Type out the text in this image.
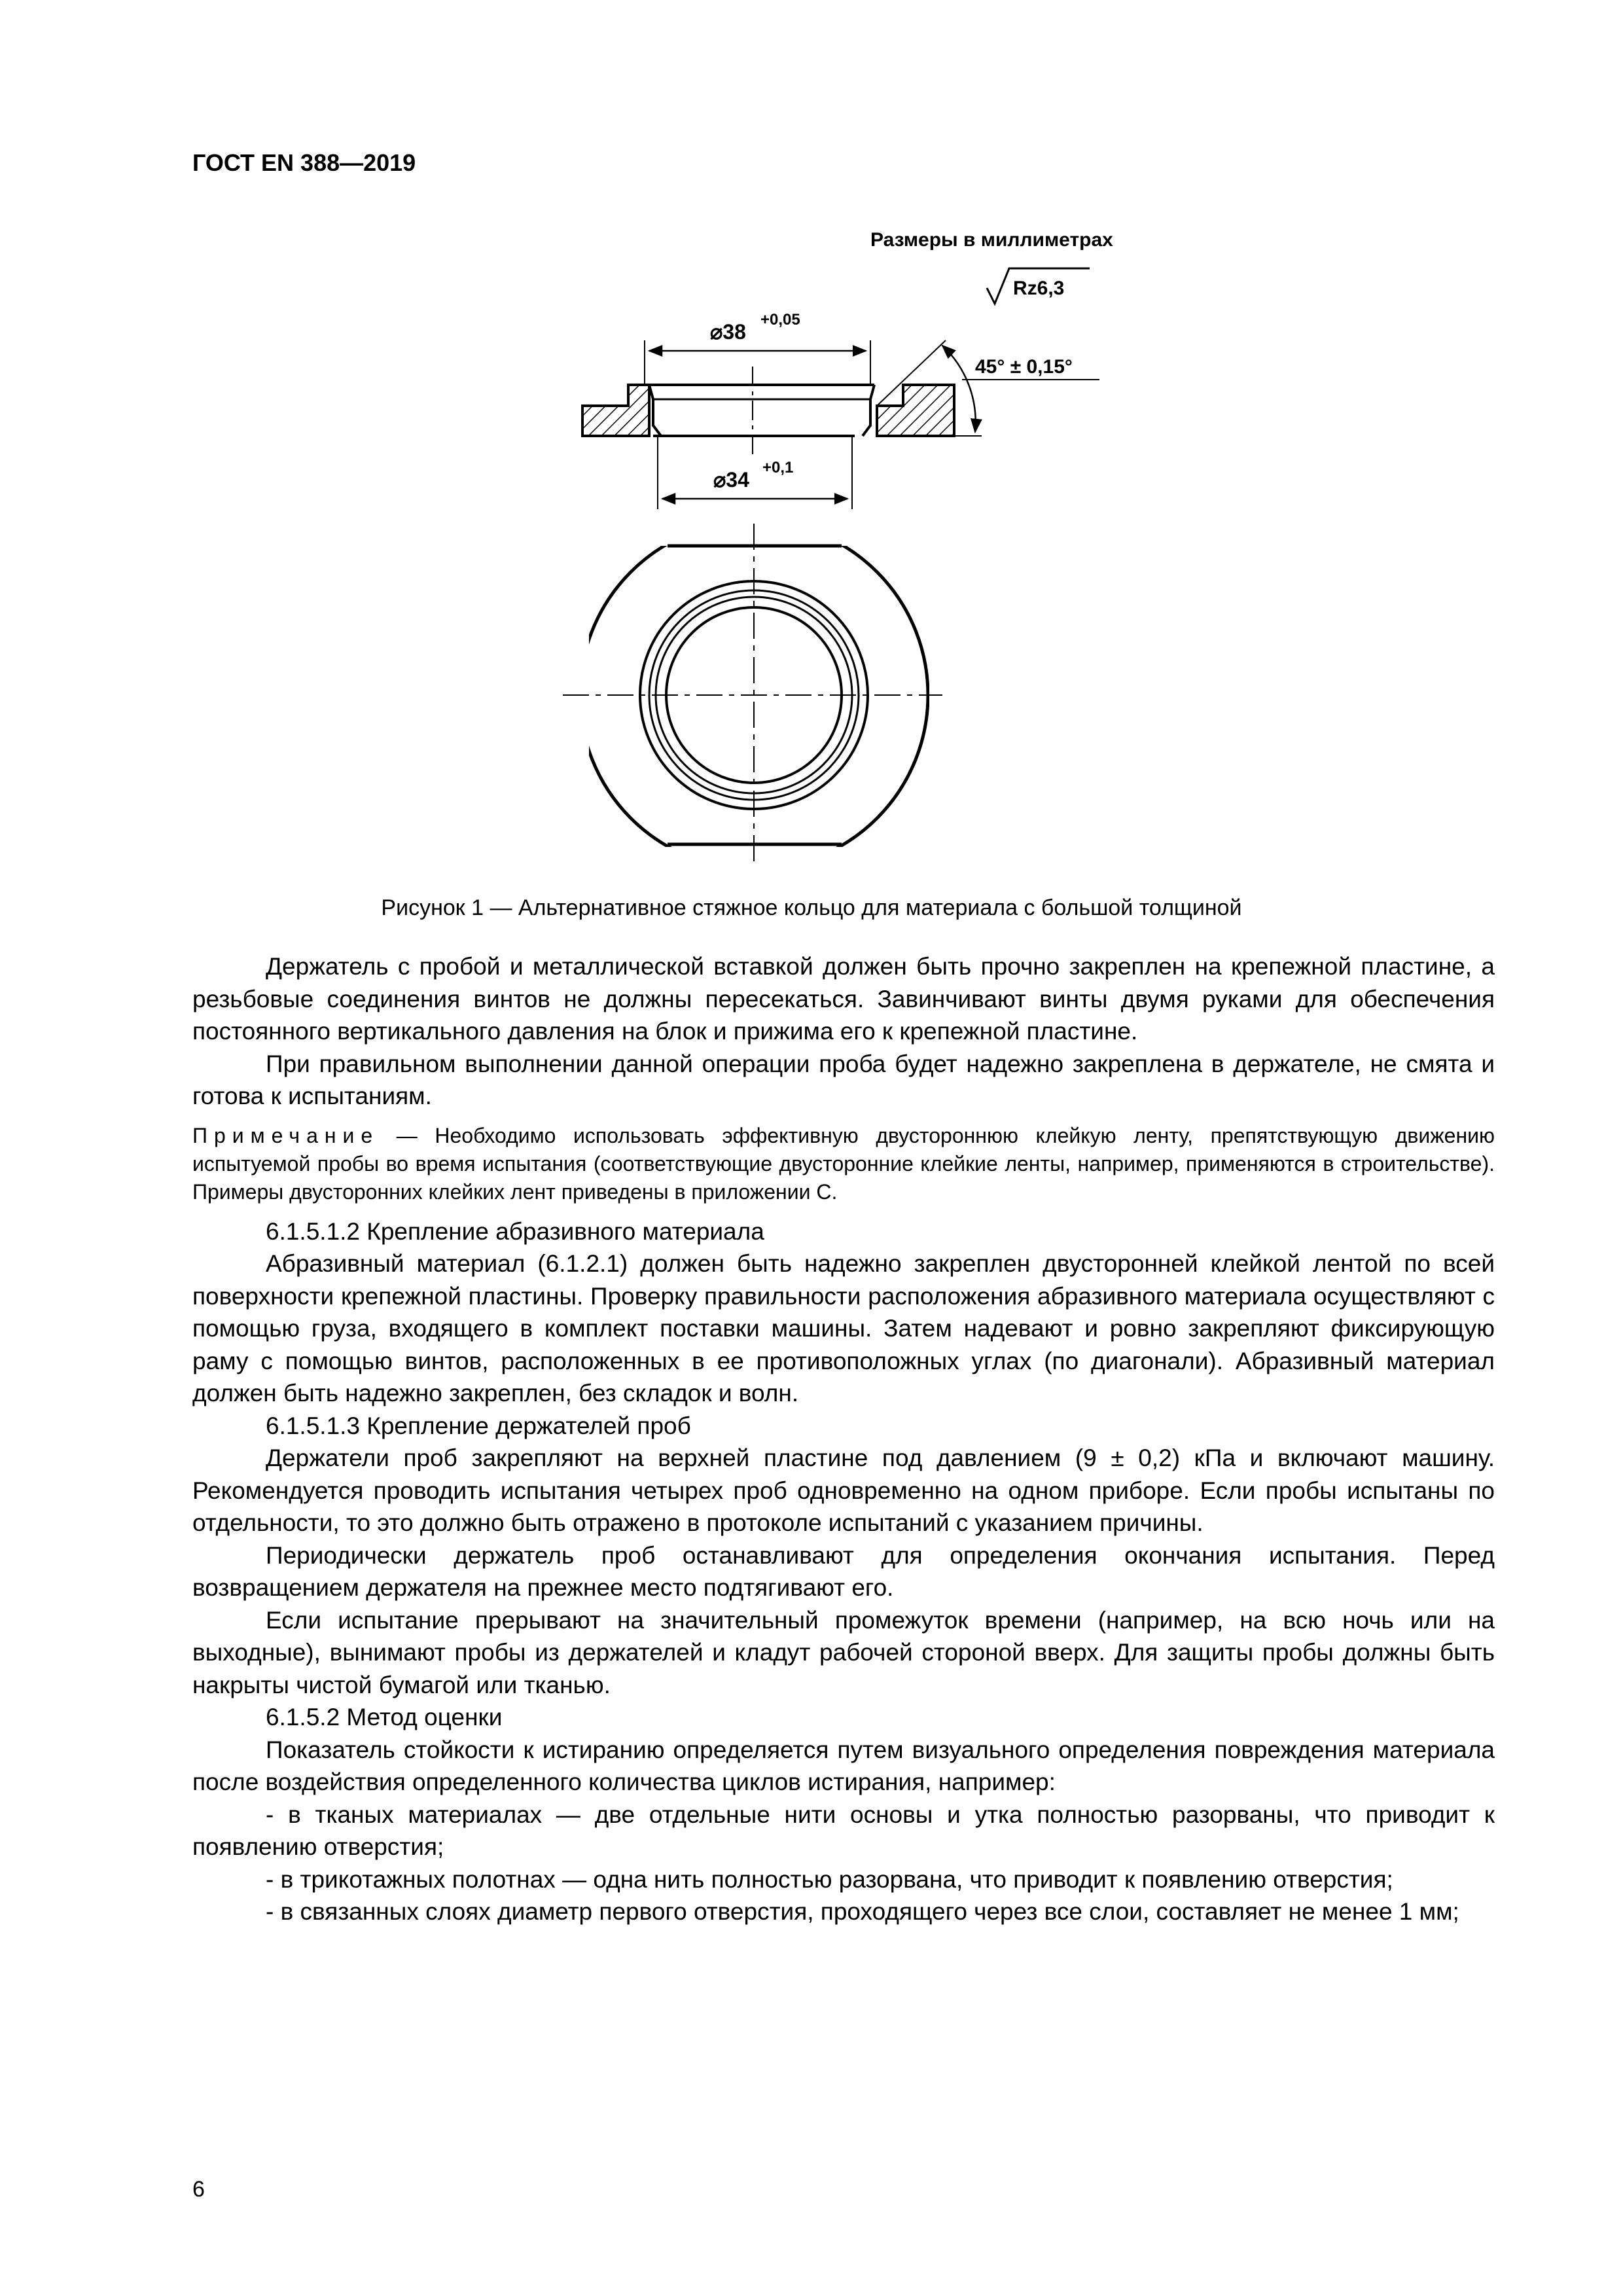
ГОСТ EN 388—2019
Размеры в миллиметрах
Rz6,3
⌀38
+0,05
⌀34
+0,1
45° ± 0,15°
Рисунок 1 — Альтернативное стяжное кольцо для материала с большой толщиной

Держатель с пробой и металлической вставкой должен быть прочно закреплен на крепежной пластине, а резьбовые соединения винтов не должны пересекаться. Завинчивают винты двумя руками для обеспечения постоянного вертикального давления на блок и прижима его к крепежной пластине.

При правильном выполнении данной операции проба будет надежно закреплена в держателе, не смята и готова к испытаниям.

Примечание — Необходимо использовать эффективную двустороннюю клейкую ленту, препятствующую движению испытуемой пробы во время испытания (соответствующие двусторонние клейкие ленты, например, применяются в строительстве). Примеры двусторонних клейких лент приведены в приложении С.

6.1.5.1.2 Крепление абразивного материала

Абразивный материал (6.1.2.1) должен быть надежно закреплен двусторонней клейкой лентой по всей поверхности крепежной пластины. Проверку правильности расположения абразивного материала осуществляют с помощью груза, входящего в комплект поставки машины. Затем надевают и ровно закрепляют фиксирующую раму с помощью винтов, расположенных в ее противоположных углах (по диагонали). Абразивный материал должен быть надежно закреплен, без складок и волн.

6.1.5.1.3 Крепление держателей проб

Держатели проб закрепляют на верхней пластине под давлением (9 ± 0,2) кПа и включают машину. Рекомендуется проводить испытания четырех проб одновременно на одном приборе. Если пробы испытаны по отдельности, то это должно быть отражено в протоколе испытаний с указанием причины.

Периодически держатель проб останавливают для определения окончания испытания. Перед возвращением держателя на прежнее место подтягивают его.

Если испытание прерывают на значительный промежуток времени (например, на всю ночь или на выходные), вынимают пробы из держателей и кладут рабочей стороной вверх. Для защиты пробы должны быть накрыты чистой бумагой или тканью.

6.1.5.2 Метод оценки

Показатель стойкости к истиранию определяется путем визуального определения повреждения материала после воздействия определенного количества циклов истирания, например:

- в тканых материалах — две отдельные нити основы и утка полностью разорваны, что приводит к появлению отверстия;

- в трикотажных полотнах — одна нить полностью разорвана, что приводит к появлению отверстия;

- в связанных слоях диаметр первого отверстия, проходящего через все слои, составляет не менее 1 мм;

6
